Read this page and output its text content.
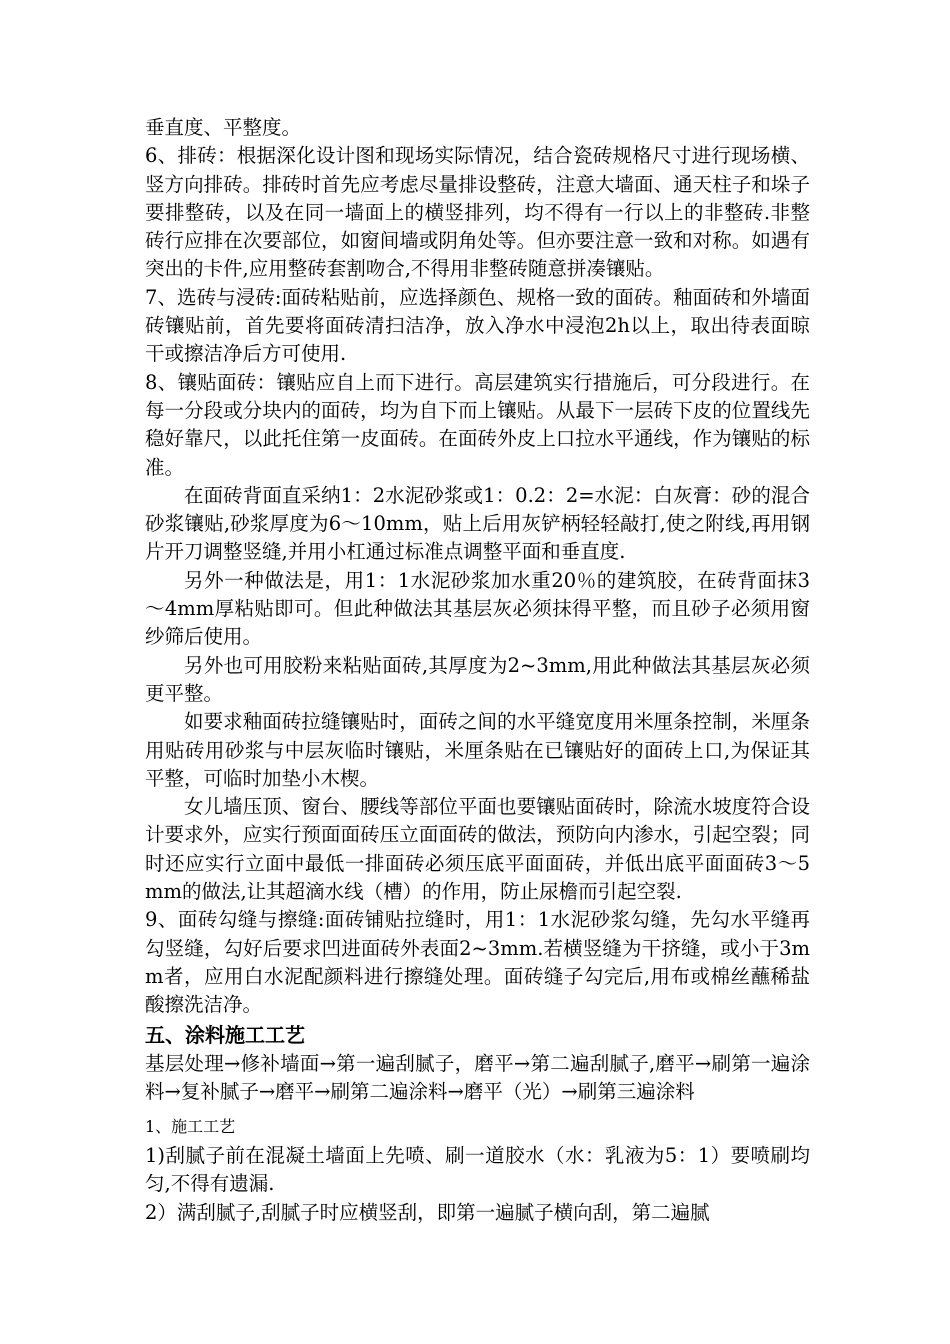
垂直度、平整度。

6、排砖：根据深化设计图和现场实际情况，结合瓷砖规格尺寸进行现场横、竖方向排砖。排砖时首先应考虑尽量排设整砖，注意大墙面、通天柱子和垛子要排整砖，以及在同一墙面上的横竖排列，均不得有一行以上的非整砖.非整砖行应排在次要部位，如窗间墙或阴角处等。但亦要注意一致和对称。如遇有突出的卡件,应用整砖套割吻合,不得用非整砖随意拼凑镶贴。

7、选砖与浸砖:面砖粘贴前，应选择颜色、规格一致的面砖。釉面砖和外墙面砖镶贴前，首先要将面砖清扫洁净，放入净水中浸泡2h以上，取出待表面晾干或擦洁净后方可使用.

8、镶贴面砖：镶贴应自上而下进行。高层建筑实行措施后，可分段进行。在每一分段或分块内的面砖，均为自下而上镶贴。从最下一层砖下皮的位置线先稳好靠尺，以此托住第一皮面砖。在面砖外皮上口拉水平通线，作为镶贴的标准。

在面砖背面直采纳1：2水泥砂浆或1：0.2：2=水泥：白灰膏：砂的混合砂浆镶贴,砂浆厚度为6～10mm，贴上后用灰铲柄轻轻敲打,使之附线,再用钢片开刀调整竖缝,并用小杠通过标准点调整平面和垂直度.

另外一种做法是，用1：1水泥砂浆加水重20％的建筑胶，在砖背面抹3～4mm厚粘贴即可。但此种做法其基层灰必须抹得平整，而且砂子必须用窗纱筛后使用。

另外也可用胶粉来粘贴面砖,其厚度为2~3mm,用此种做法其基层灰必须更平整。

如要求釉面砖拉缝镶贴时，面砖之间的水平缝宽度用米厘条控制，米厘条用贴砖用砂浆与中层灰临时镶贴，米厘条贴在已镶贴好的面砖上口,为保证其平整，可临时加垫小木楔。

女儿墙压顶、窗台、腰线等部位平面也要镶贴面砖时，除流水坡度符合设计要求外，应实行预面面砖压立面面砖的做法，预防向内渗水，引起空裂；同时还应实行立面中最低一排面砖必须压底平面面砖，并低出底平面面砖3～5mm的做法,让其超滴水线（槽）的作用，防止尿檐而引起空裂.

9、面砖勾缝与擦缝:面砖铺贴拉缝时，用1：1水泥砂浆勾缝，先勾水平缝再勾竖缝，勾好后要求凹进面砖外表面2~3mm.若横竖缝为干挤缝，或小于3mm者，应用白水泥配颜料进行擦缝处理。面砖缝子勾完后,用布或棉丝蘸稀盐酸擦洗洁净。

五、涂料施工工艺

基层处理→修补墙面→第一遍刮腻子，磨平→第二遍刮腻子,磨平→刷第一遍涂料→复补腻子→磨平→刷第二遍涂料→磨平（光）→刷第三遍涂料

1、施工工艺

1)刮腻子前在混凝土墙面上先喷、刷一道胶水（水：乳液为5：1）要喷刷均匀,不得有遗漏.

2）满刮腻子,刮腻子时应横竖刮，即第一遍腻子横向刮，第二遍腻
